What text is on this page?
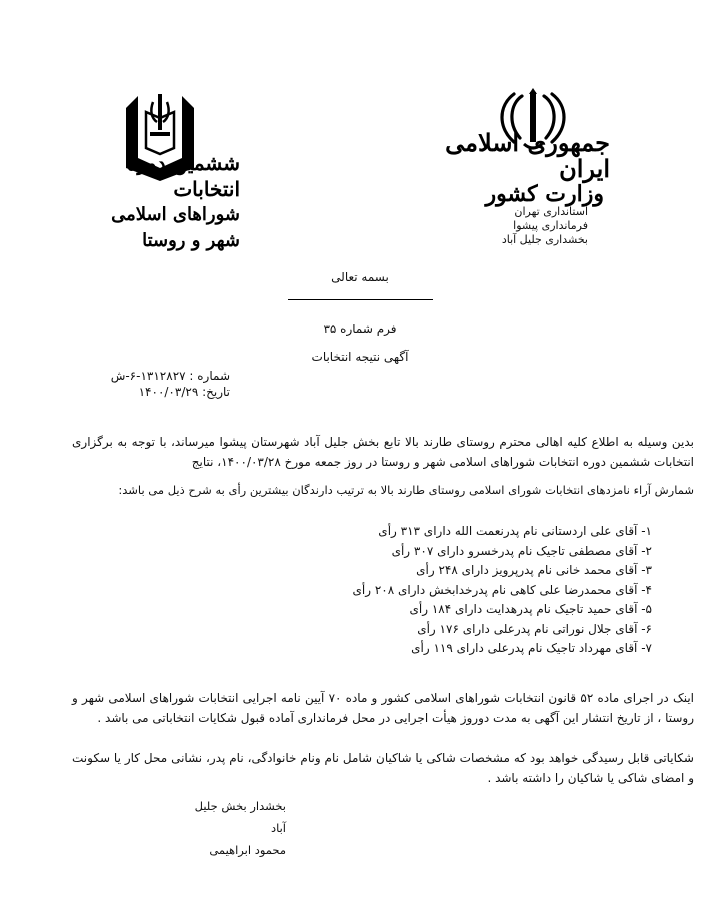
جمهوری اسلامی ایران
وزارت کشور
استانداری تهران
فرمانداری پیشوا
بخشداری جلیل آباد
ششمین دوره انتخابات
شوراهای اسلامی شهر و روستا
بسمه تعالی
فرم شماره ۳۵
آگهی نتیجه انتخابات
شماره : ۱۳۱۲۸۲۷-۶-ش
تاریخ: ۱۴۰۰/۰۳/۲۹
بدین وسیله به اطلاع کلیه اهالی محترم روستای طارند بالا تابع بخش جلیل آباد شهرستان پیشوا میرساند، با توجه به برگزاری انتخابات ششمین دوره انتخابات شوراهای اسلامی شهر و روستا در روز جمعه مورخ ۱۴۰۰/۰۳/۲۸، نتایج
شمارش آراء نامزدهای انتخابات شورای اسلامی روستای طارند بالا به ترتیب دارندگان بیشترین رأی به شرح ذیل می باشد:
۱- آقای علی اردستانی نام پدرنعمت الله دارای ۳۱۳ رأی
۲- آقای مصطفی تاجیک نام پدرخسرو دارای ۳۰۷ رأی
۳- آقای محمد خانی نام پدرپرویز دارای ۲۴۸ رأی
۴- آقای محمدرضا علی کاهی نام پدرخدابخش دارای ۲۰۸ رأی
۵- آقای حمید تاجیک نام پدرهدایت دارای ۱۸۴ رأی
۶- آقای جلال نوراتی نام پدرعلی دارای ۱۷۶ رأی
۷- آقای مهرداد تاجیک نام پدرعلی دارای ۱۱۹ رأی
اینک در اجرای ماده ۵۲ قانون انتخابات شوراهای اسلامی کشور و ماده ۷۰ آیین نامه اجرایی انتخابات شوراهای اسلامی شهر و روستا ، از تاریخ انتشار این آگهی به مدت دوروز هیأت اجرایی در محل فرمانداری آماده قبول شکایات انتخاباتی می باشد .
شکایاتی قابل رسیدگی خواهد بود که مشخصات شاکی یا شاکیان شامل نام ونام خانوادگی، نام پدر، نشانی محل کار یا سکونت و امضای شاکی یا شاکیان را داشته باشد .
بخشدار بخش جلیل آباد
محمود ابراهیمی
